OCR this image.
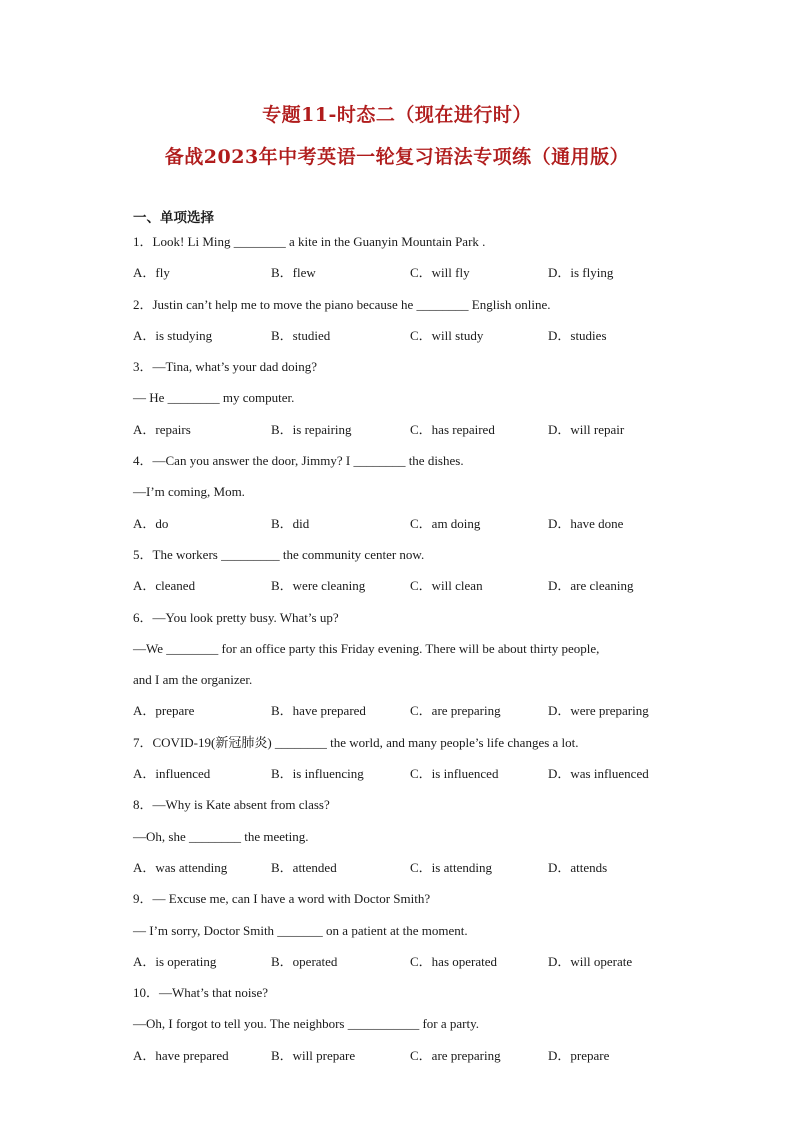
专题11-时态二（现在进行时）
备战2023年中考英语一轮复习语法专项练（通用版）
一、单项选择
1．Look! Li Ming ________ a kite in the Guanyin Mountain Park .
A．fly	B．flew	C．will fly	D．is flying
2．Justin can’t help me to move the piano because he ________ English online.
A．is studying	B．studied	C．will study	D．studies
3．—Tina, what’s your dad doing?
— He ________ my computer.
A．repairs	B．is repairing	C．has repaired	D．will repair
4．—Can you answer the door, Jimmy? I ________ the dishes.
—I’m coming, Mom.
A．do	B．did	C．am doing	D．have done
5．The workers _________ the community center now.
A．cleaned	B．were cleaning	C．will clean	D．are cleaning
6．—You look pretty busy. What’s up?
—We ________ for an office party this Friday evening. There will be about thirty people,
and I am the organizer.
A．prepare	B．have prepared	C．are preparing	D．were preparing
7．COVID-19(新冠肺炎) ________ the world, and many people’s life changes a lot.
A．influenced	B．is influencing	C．is influenced	D．was influenced
8．—Why is Kate absent from class?
—Oh, she ________ the meeting.
A．was attending	B．attended	C．is attending	D．attends
9．— Excuse me, can I have a word with Doctor Smith?
— I’m sorry, Doctor Smith _______ on a patient at the moment.
A．is operating	B．operated	C．has operated	D．will operate
10．—What’s that noise?
—Oh, I forgot to tell you. The neighbors ___________ for a party.
A．have prepared	B．will prepare	C．are preparing	D．prepare
